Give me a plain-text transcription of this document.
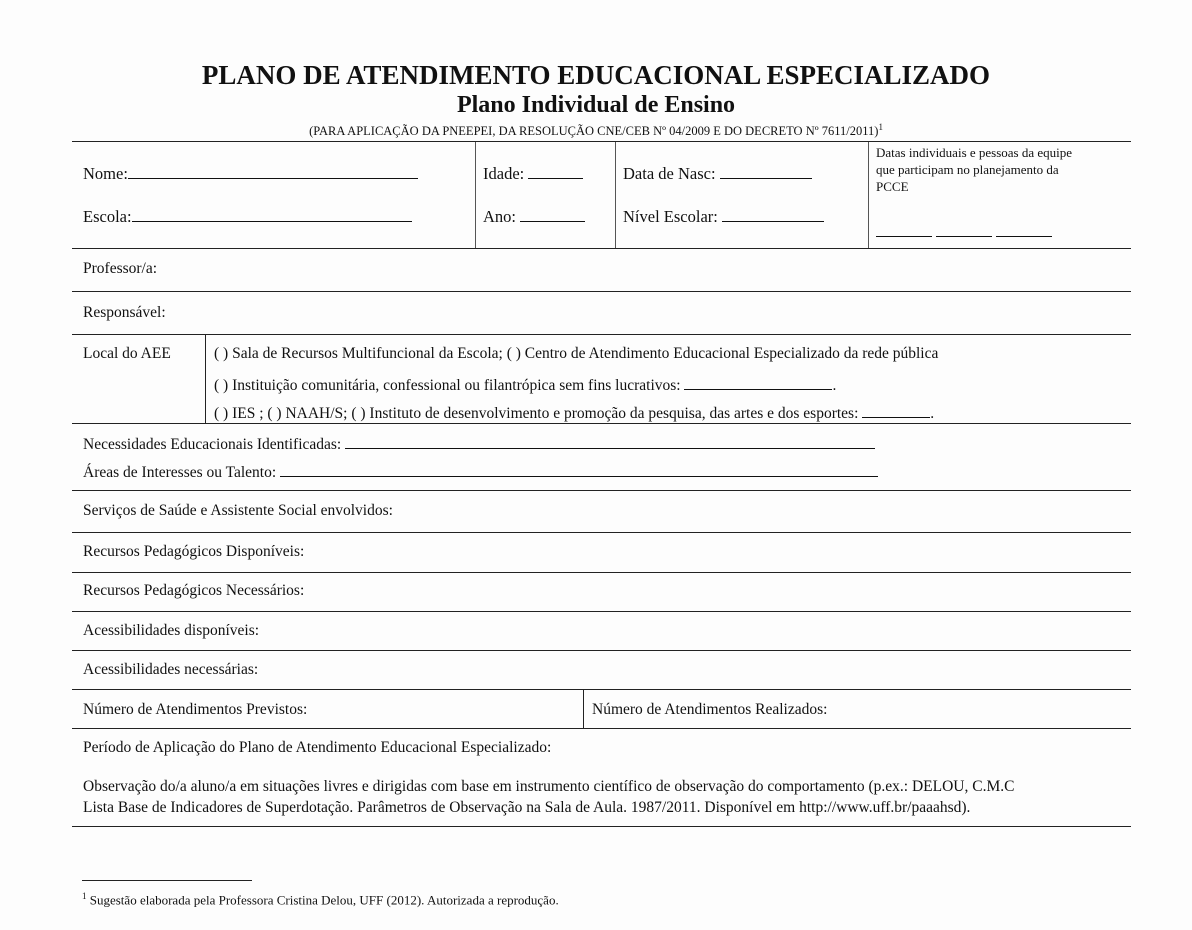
PLANO DE ATENDIMENTO EDUCACIONAL ESPECIALIZADO
Plano Individual de Ensino
(PARA APLICAÇÃO DA PNEEPEI, DA RESOLUÇÃO CNE/CEB Nº 04/2009 E DO DECRETO Nº 7611/2011)$^1$
Nome:	Idade:	Data de Nasc:
Escola:	Ano:	Nível Escolar:
Datas individuais e pessoas da equipe
que participam no planejamento da
PCCE

Professor/a:
Responsável:
Local do AEE	( ) Sala de Recursos Multifuncional da Escola; ( ) Centro de Atendimento Educacional Especializado da rede pública
( ) Instituição comunitária, confessional ou filantrópica sem fins lucrativos:	.
( ) IES ; ( ) NAAH/S; ( ) Instituto de desenvolvimento e promoção da pesquisa, das artes e dos esportes:	.
Necessidades Educacionais Identificadas:
Áreas de Interesses ou Talento:
Serviços de Saúde e Assistente Social envolvidos:
Recursos Pedagógicos Disponíveis:
Recursos Pedagógicos Necessários:
Acessibilidades disponíveis:
Acessibilidades necessárias:
Número de Atendimentos Previstos:	Número de Atendimentos Realizados:
Período de Aplicação do Plano de Atendimento Educacional Especializado:
Observação do/a aluno/a em situações livres e dirigidas com base em instrumento científico de observação do comportamento (p.ex.: DELOU, C.M.C
Lista Base de Indicadores de Superdotação. Parâmetros de Observação na Sala de Aula. 1987/2011. Disponível em http://www.uff.br/paaahsd).
$^1$ Sugestão elaborada pela Professora Cristina Delou, UFF (2012). Autorizada a reprodução.
